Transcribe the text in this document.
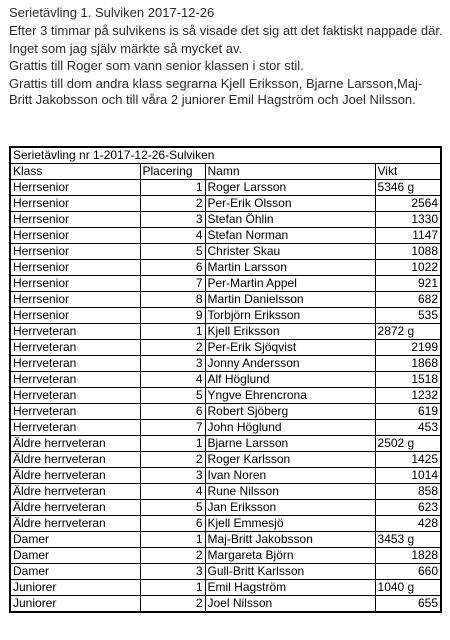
Serietävling 1. Sulviken 2017-12-26

Efter 3 timmar på sulvikens is så visade det sig att det faktiskt nappade där.

Inget som jag själv märkte så mycket av.

Grattis till Roger som vann senior klassen i stor stil.

Grattis till dom andra klass segrarna Kjell Eriksson, Bjarne Larsson,Maj-Britt Jakobsson och till våra 2 juniorer Emil Hagström och Joel Nilsson.

Serietävling nr 1-2017-12-26-Sulviken			
Klass	Placering	Namn	Vikt
Herrsenior	1	Roger Larsson	5346 g
Herrsenior	2	Per-Erik Olsson	2564
Herrsenior	3	Stefan Öhlin	1330
Herrsenior	4	Stefan Norman	1147
Herrsenior	5	Christer Skau	1088
Herrsenior	6	Martin Larsson	1022
Herrsenior	7	Per-Martin Appel	921
Herrsenior	8	Martin Danielsson	682
Herrsenior	9	Torbjörn Eriksson	535
Herrveteran	1	Kjell Eriksson	2872 g
Herrveteran	2	Per-Erik Sjöqvist	2199
Herrveteran	3	Jonny Andersson	1868
Herrveteran	4	Alf Höglund	1518
Herrveteran	5	Yngve Ehrencrona	1232
Herrveteran	6	Robert Sjöberg	619
Herrveteran	7	John Höglund	453
Äldre herrveteran	1	Bjarne Larsson	2502 g
Äldre herrveteran	2	Roger Karlsson	1425
Äldre herrveteran	3	Ivan Noren	1014
Äldre herrveteran	4	Rune Nilsson	858
Äldre herrveteran	5	Jan Eriksson	623
Äldre herrveteran	6	Kjell Emmesjö	428
Damer	1	Maj-Britt Jakobsson	3453 g
Damer	2	Margareta Björn	1828
Damer	3	Gull-Britt Karlsson	660
Juniorer	1	Emil Hagström	1040 g
Juniorer	2	Joel Nilsson	655
